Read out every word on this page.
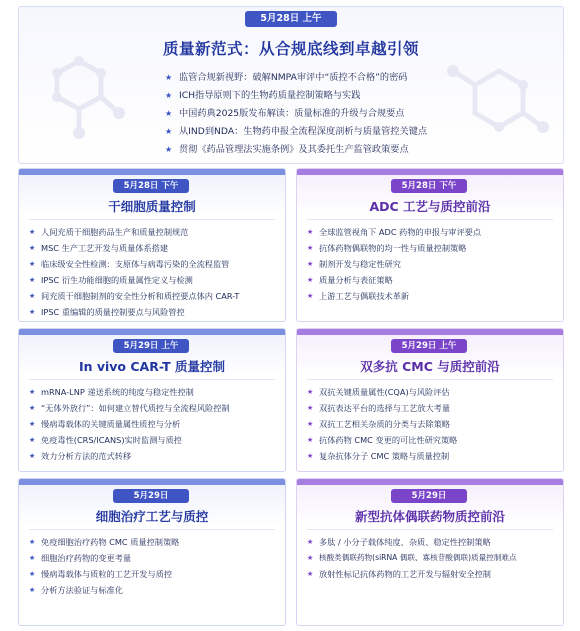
5月28日 上午
质量新范式：从合规底线到卓越引领
★ 监管合规新视野：破解NMPA审评中“质控不合格”的密码
★ ICH指导原则下的生物药质量控制策略与实践
★ 中国药典2025版发布解读：质量标准的升级与合规要点
★ 从IND到NDA：生物药申报全流程深度剖析与质量管控关键点
★ 贯彻《药品管理法实施条例》及其委托生产监管政策要点
5月28日 下午
干细胞质量控制
★ 人间充质干细胞药品生产和质量控制规范
★ MSC 生产工艺开发与质量体系搭建
★ 临床级安全性检测：支原体与病毒污染的全流程监管
★ IPSC 衍生功能细胞的质量属性定义与检测
★ 间充质干细胞制剂的安全性分析和质控要点体内 CAR-T
★ IPSC 重编辑的质量控制要点与风险管控
5月28日 下午
ADC 工艺与质控前沿
★ 全球监管视角下 ADC 药物的申报与审评要点
★ 抗体药物偶联物的均一性与质量控制策略
★ 制剂开发与稳定性研究
★ 质量分析与表征策略
★ 上游工艺与偶联技术革新
5月29日 上午
In vivo CAR-T 质量控制
★ mRNA-LNP 递送系统的纯度与稳定性控制
★ “无体外放行”：如何建立替代质控与全流程风险控制
★ 慢病毒载体的关键质量属性质控与分析
★ 免疫毒性(CRS/ICANS)实时监测与质控
★ 效力分析方法的范式转移
5月29日 上午
双多抗 CMC 与质控前沿
★ 双抗关键质量属性(CQA)与风险评估
★ 双抗表达平台的选择与工艺放大考量
★ 双抗工艺相关杂质的分类与去除策略
★ 抗体药物 CMC 变更的可比性研究策略
★ 复杂抗体分子 CMC 策略与质量控制
5月29日
细胞治疗工艺与质控
★ 免疫细胞治疗药物 CMC 质量控制策略
★ 细胞治疗药物的变更考量
★ 慢病毒载体与质粒的工艺开发与质控
★ 分析方法验证与标准化
5月29日
新型抗体偶联药物质控前沿
★ 多肽 / 小分子载体纯度、杂质、稳定性控制策略
★ 核酸类偶联药物(siRNA 偶联、寡核苷酸偶联)质量控制难点
★ 放射性标记抗体药物的工艺开发与辐射安全控制
